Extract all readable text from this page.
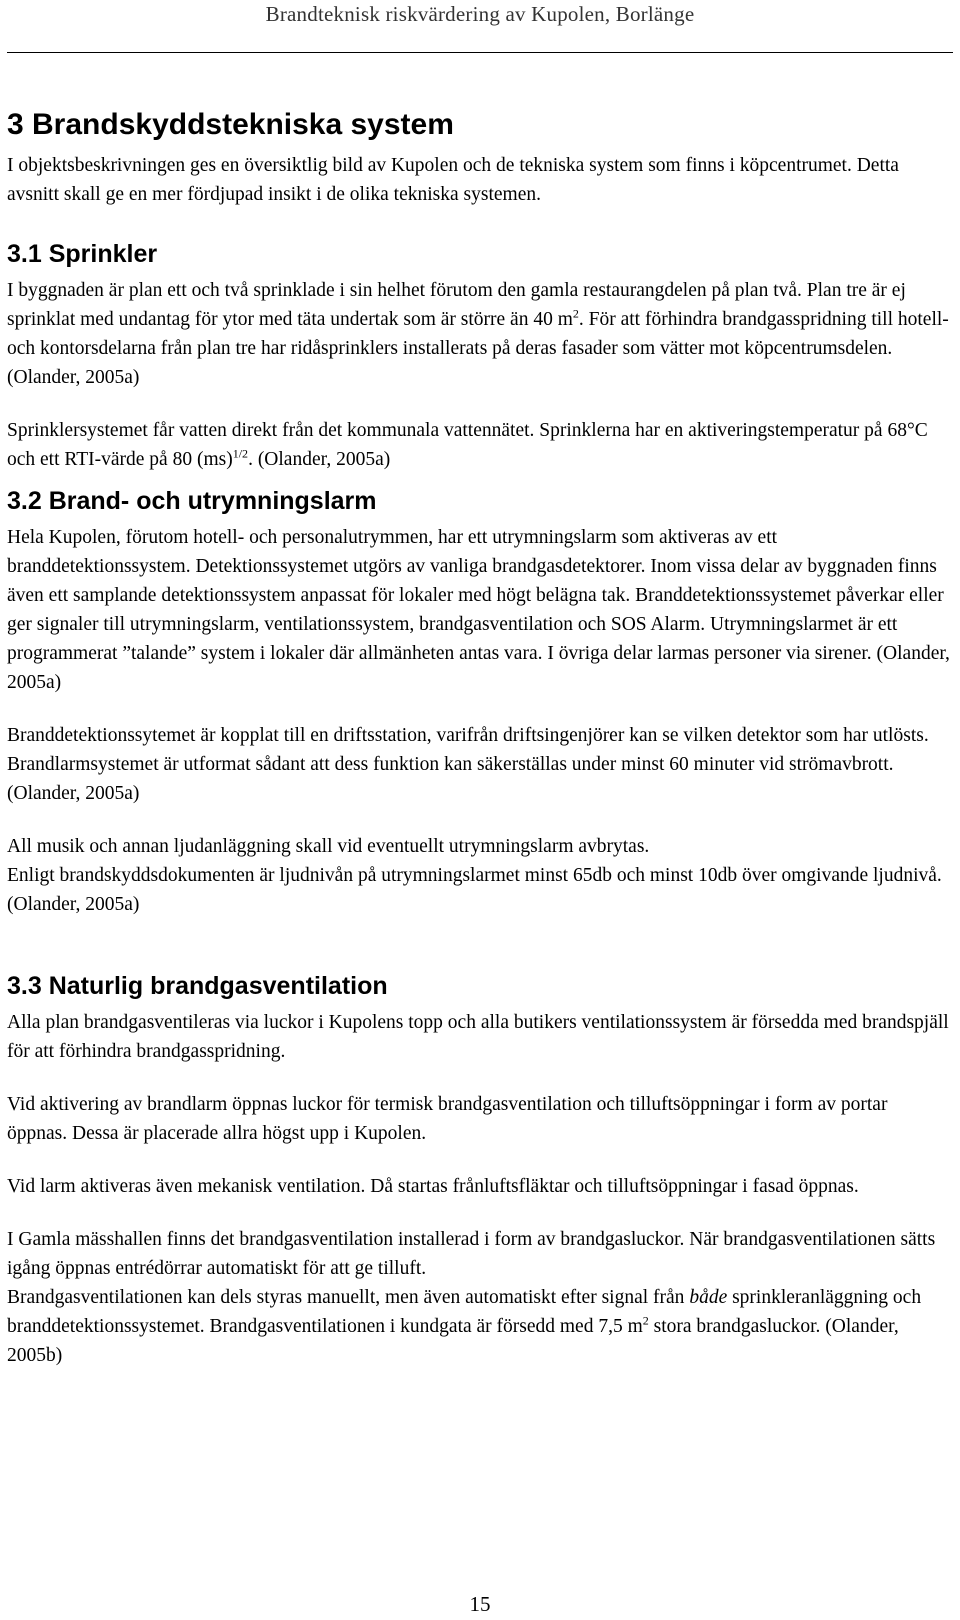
Brandteknisk riskvärdering av Kupolen, Borlänge
3 Brandskyddstekniska system

I objektsbeskrivningen ges en översiktlig bild av Kupolen och de tekniska system som finns i köpcentrumet. Detta avsnitt skall ge en mer fördjupad insikt i de olika tekniska systemen.

3.1 Sprinkler

I byggnaden är plan ett och två sprinklade i sin helhet förutom den gamla restaurangdelen på plan två. Plan tre är ej sprinklat med undantag för ytor med täta undertak som är större än 40 $m^2$. För att förhindra brandgasspridning till hotell- och kontorsdelarna från plan tre har ridåsprinklers installerats på deras fasader som vätter mot köpcentrumsdelen. (Olander, 2005a)

Sprinklersystemet får vatten direkt från det kommunala vattennätet. Sprinklerna har en aktiveringstemperatur på 68°C och ett RTI-värde på 80 (ms)$^{1/2}$. (Olander, 2005a)

3.2 Brand- och utrymningslarm

Hela Kupolen, förutom hotell- och personalutrymmen, har ett utrymningslarm som aktiveras av ett branddetektionssystem. Detektionssystemet utgörs av vanliga brandgasdetektorer. Inom vissa delar av byggnaden finns även ett samplande detektionssystem anpassat för lokaler med högt belägna tak. Branddetektionssystemet påverkar eller ger signaler till utrymningslarm, ventilationssystem, brandgasventilation och SOS Alarm. Utrymningslarmet är ett programmerat ”talande” system i lokaler där allmänheten antas vara. I övriga delar larmas personer via sirener. (Olander, 2005a)

Branddetektionssytemet är kopplat till en driftsstation, varifrån driftsingenjörer kan se vilken detektor som har utlösts. Brandlarmsystemet är utformat sådant att dess funktion kan säkerställas under minst 60 minuter vid strömavbrott. (Olander, 2005a)

All musik och annan ljudanläggning skall vid eventuellt utrymningslarm avbrytas.

Enligt brandskyddsdokumenten är ljudnivån på utrymningslarmet minst 65db och minst 10db över omgivande ljudnivå. (Olander, 2005a)

3.3 Naturlig brandgasventilation

Alla plan brandgasventileras via luckor i Kupolens topp och alla butikers ventilationssystem är försedda med brandspjäll för att förhindra brandgasspridning.

Vid aktivering av brandlarm öppnas luckor för termisk brandgasventilation och tilluftsöppningar i form av portar öppnas. Dessa är placerade allra högst upp i Kupolen.

Vid larm aktiveras även mekanisk ventilation. Då startas frånluftsfläktar och tilluftsöppningar i fasad öppnas.

I Gamla mässhallen finns det brandgasventilation installerad i form av brandgasluckor. När brandgasventilationen sätts igång öppnas entrédörrar automatiskt för att ge tilluft.

Brandgasventilationen kan dels styras manuellt, men även automatiskt efter signal från både sprinkleranläggning och branddetektionssystemet. Brandgasventilationen i kundgata är försedd med 7,5 $m^2$ stora brandgasluckor. (Olander, 2005b)

15
